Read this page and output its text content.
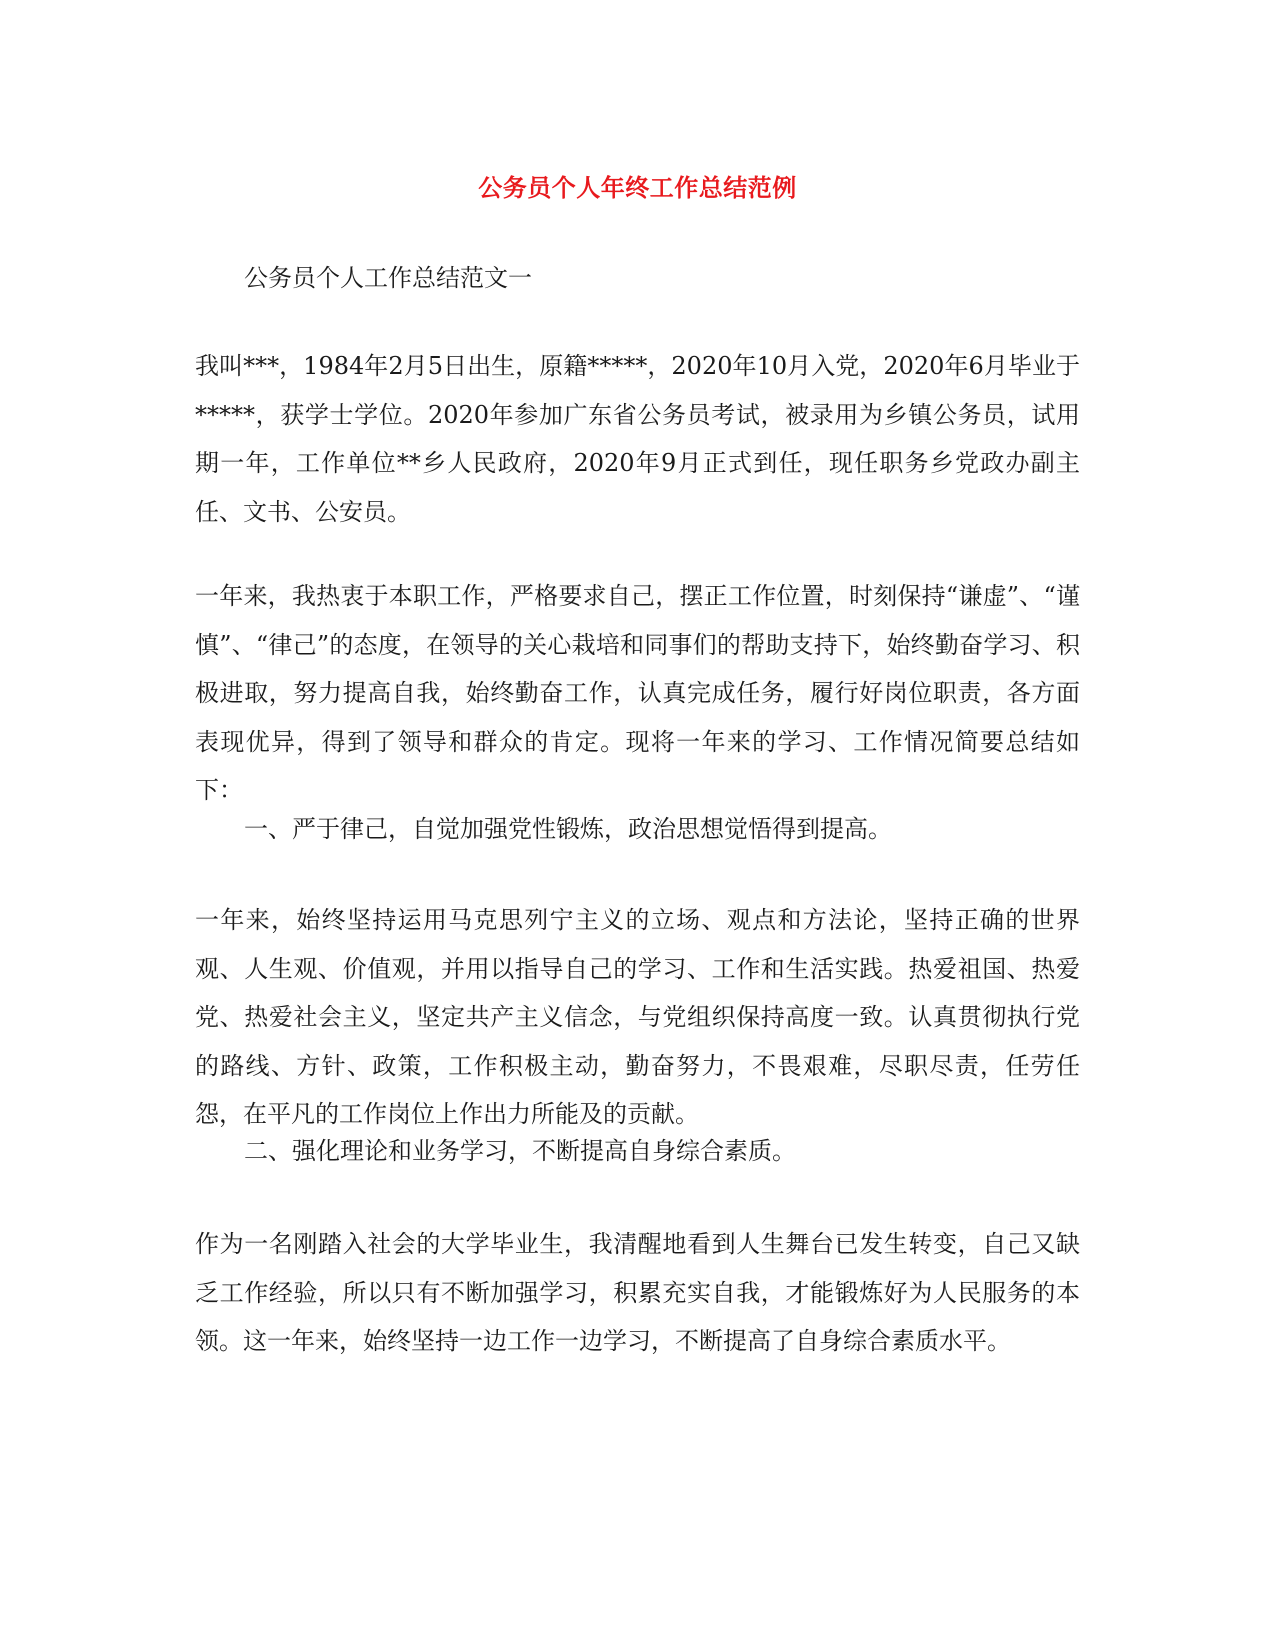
公务员个人年终工作总结范例

公务员个人工作总结范文一

我叫***，1984年2月5日出生，原籍*****，2020年10月入党，2020年6月毕业于*****，获学士学位。2020年参加广东省公务员考试，被录用为乡镇公务员，试用期一年，工作单位**乡人民政府，2020年9月正式到任，现任职务乡党政办副主任、文书、公安员。

一年来，我热衷于本职工作，严格要求自己，摆正工作位置，时刻保持“谦虚”、“谨慎”、“律己”的态度，在领导的关心栽培和同事们的帮助支持下，始终勤奋学习、积极进取，努力提高自我，始终勤奋工作，认真完成任务，履行好岗位职责，各方面表现优异，得到了领导和群众的肯定。现将一年来的学习、工作情况简要总结如下：

一、严于律己，自觉加强党性锻炼，政治思想觉悟得到提高。

一年来，始终坚持运用马克思列宁主义的立场、观点和方法论，坚持正确的世界观、人生观、价值观，并用以指导自己的学习、工作和生活实践。热爱祖国、热爱党、热爱社会主义，坚定共产主义信念，与党组织保持高度一致。认真贯彻执行党的路线、方针、政策，工作积极主动，勤奋努力，不畏艰难，尽职尽责，任劳任怨，在平凡的工作岗位上作出力所能及的贡献。

二、强化理论和业务学习，不断提高自身综合素质。

作为一名刚踏入社会的大学毕业生，我清醒地看到人生舞台已发生转变，自己又缺乏工作经验，所以只有不断加强学习，积累充实自我，才能锻炼好为人民服务的本领。这一年来，始终坚持一边工作一边学习，不断提高了自身综合素质水平。
